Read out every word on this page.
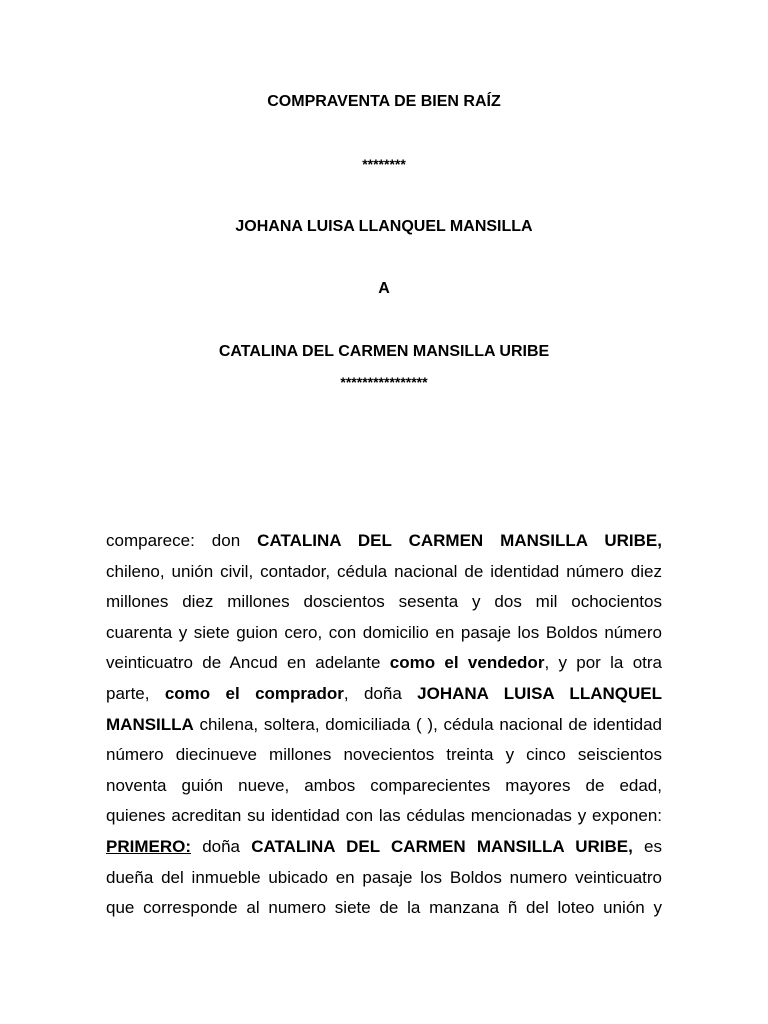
COMPRAVENTA DE BIEN RAÍZ
********
JOHANA LUISA LLANQUEL MANSILLA
A
CATALINA DEL CARMEN MANSILLA URIBE
****************
comparece: don CATALINA DEL CARMEN MANSILLA URIBE,
chileno, unión civil, contador, cédula nacional de identidad número diez
millones diez millones doscientos sesenta y dos mil ochocientos
cuarenta y siete guion cero, con domicilio en pasaje los Boldos número
veinticuatro de Ancud en adelante como el vendedor, y por la otra
parte, como el comprador, doña JOHANA LUISA LLANQUEL
MANSILLA chilena, soltera, domiciliada ( ), cédula nacional de identidad
número diecinueve millones novecientos treinta y cinco seiscientos
noventa guión nueve, ambos comparecientes mayores de edad,
quienes acreditan su identidad con las cédulas mencionadas y exponen:
PRIMERO: doña CATALINA DEL CARMEN MANSILLA URIBE, es
dueña del inmueble ubicado en pasaje los Boldos numero veinticuatro
que corresponde al numero siete de la manzana ñ del loteo unión y
